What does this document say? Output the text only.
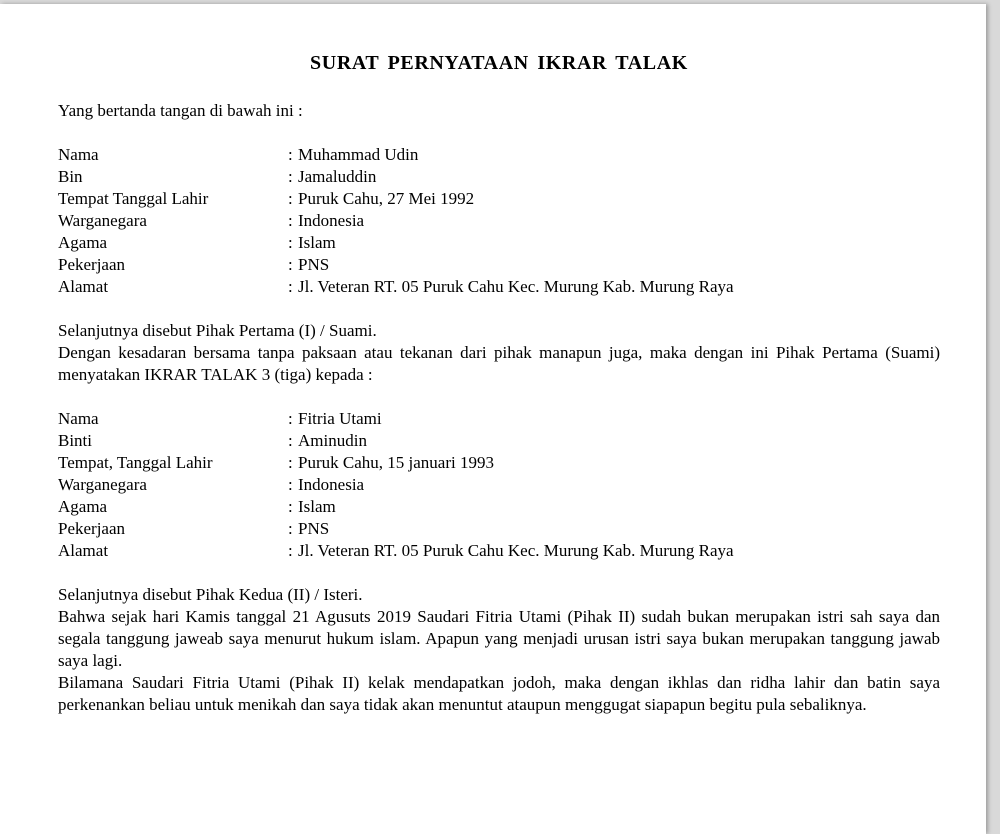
SURAT PERNYATAAN IKRAR TALAK

Yang bertanda tangan di bawah ini :

Nama	:	Muhammad Udin
Bin	:	Jamaluddin
Tempat Tanggal Lahir	:	Puruk Cahu, 27 Mei 1992
Warganegara	:	Indonesia
Agama	:	Islam
Pekerjaan	:	PNS
Alamat	:	Jl. Veteran RT. 05 Puruk Cahu Kec. Murung Kab. Murung Raya

Selanjutnya disebut Pihak Pertama (I) / Suami.

Dengan kesadaran bersama tanpa paksaan atau tekanan dari pihak manapun juga, maka dengan ini Pihak Pertama (Suami) menyatakan IKRAR TALAK 3 (tiga) kepada :

Nama	:	Fitria Utami
Binti	:	Aminudin
Tempat, Tanggal Lahir	:	Puruk Cahu, 15 januari 1993
Warganegara	:	Indonesia
Agama	:	Islam
Pekerjaan	:	PNS
Alamat	:	Jl. Veteran RT. 05 Puruk Cahu Kec. Murung Kab. Murung Raya

Selanjutnya disebut Pihak Kedua (II) / Isteri.

Bahwa sejak hari Kamis tanggal 21 Agusuts 2019 Saudari Fitria Utami (Pihak II) sudah bukan merupakan istri sah saya dan segala tanggung jaweab saya menurut hukum islam. Apapun yang menjadi urusan istri saya bukan merupakan tanggung jawab saya lagi.

Bilamana Saudari Fitria Utami (Pihak II) kelak mendapatkan jodoh, maka dengan ikhlas dan ridha lahir dan batin saya perkenankan beliau untuk menikah dan saya tidak akan menuntut ataupun menggugat siapapun begitu pula sebaliknya.
